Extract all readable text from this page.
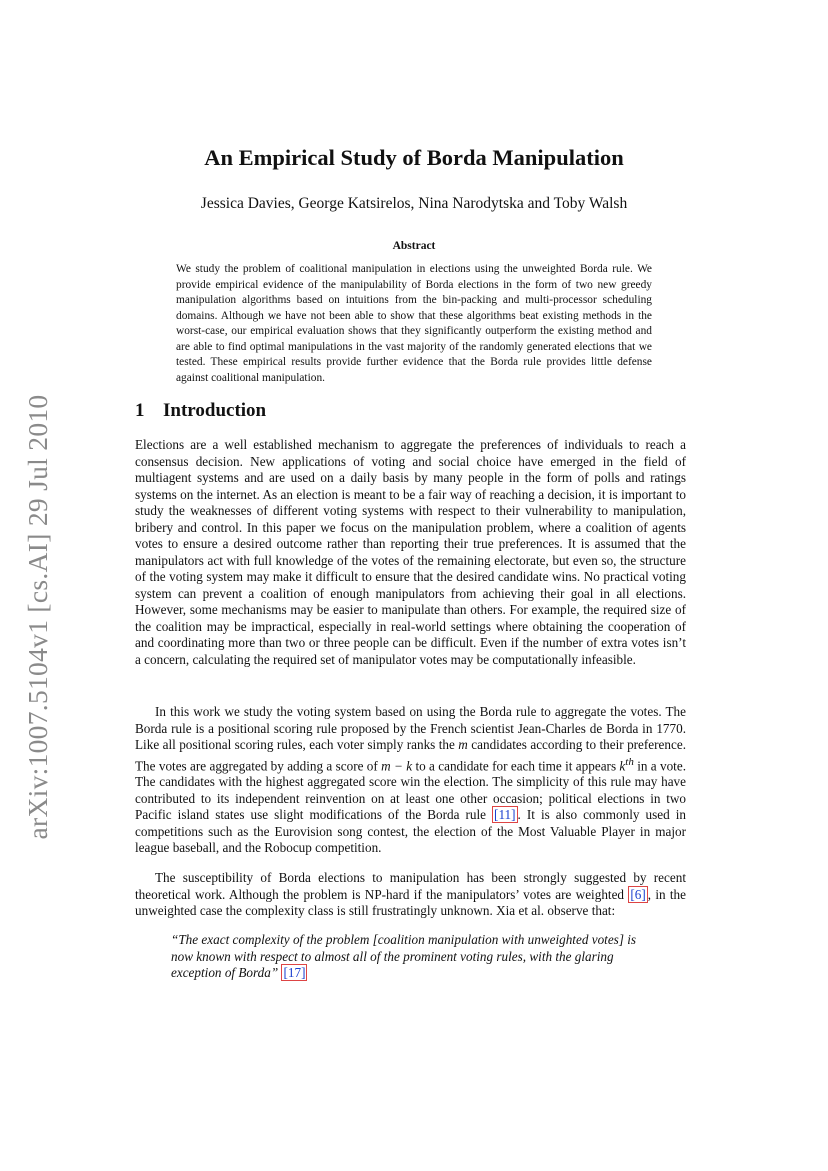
arXiv:1007.5104v1 [cs.AI] 29 Jul 2010
An Empirical Study of Borda Manipulation

Jessica Davies, George Katsirelos, Nina Narodytska and Toby Walsh

Abstract

We study the problem of coalitional manipulation in elections using the unweighted Borda rule. We provide empirical evidence of the manipulability of Borda elections in the form of two new greedy manipulation algorithms based on intuitions from the bin-packing and multi-processor scheduling domains. Although we have not been able to show that these algorithms beat existing methods in the worst-case, our empirical evaluation shows that they significantly outperform the existing method and are able to find optimal manipulations in the vast majority of the randomly generated elections that we tested. These empirical results provide further evidence that the Borda rule provides little defense against coalitional manipulation.

1 Introduction

Elections are a well established mechanism to aggregate the preferences of individuals to reach a consensus decision. New applications of voting and social choice have emerged in the field of multiagent systems and are used on a daily basis by many people in the form of polls and ratings systems on the internet. As an election is meant to be a fair way of reaching a decision, it is important to study the weaknesses of different voting systems with respect to their vulnerability to manipulation, bribery and control. In this paper we focus on the manipulation problem, where a coalition of agents votes to ensure a desired outcome rather than reporting their true preferences. It is assumed that the manipulators act with full knowledge of the votes of the remaining electorate, but even so, the structure of the voting system may make it difficult to ensure that the desired candidate wins. No practical voting system can prevent a coalition of enough manipulators from achieving their goal in all elections. However, some mechanisms may be easier to manipulate than others. For example, the required size of the coalition may be impractical, especially in real-world settings where obtaining the cooperation of and coordinating more than two or three people can be difficult. Even if the number of extra votes isn’t a concern, calculating the required set of manipulator votes may be computationally infeasible.

In this work we study the voting system based on using the Borda rule to aggregate the votes. The Borda rule is a positional scoring rule proposed by the French scientist Jean-Charles de Borda in 1770. Like all positional scoring rules, each voter simply ranks the m candidates according to their preference. The votes are aggregated by adding a score of m − k to a candidate for each time it appears $k^{th}$ in a vote. The candidates with the highest aggregated score win the election. The simplicity of this rule may have contributed to its independent reinvention on at least one other occasion; political elections in two Pacific island states use slight modifications of the Borda rule [11] . It is also commonly used in competitions such as the Eurovision song contest, the election of the Most Valuable Player in major league baseball, and the Robocup competition.

The susceptibility of Borda elections to manipulation has been strongly suggested by recent theoretical work. Although the problem is NP-hard if the manipulators’ votes are weighted [6] , in the unweighted case the complexity class is still frustratingly unknown. Xia et al. observe that:

“The exact complexity of the problem [coalition manipulation with unweighted votes] is now known with respect to almost all of the prominent voting rules, with the glaring exception of Borda” [17]
